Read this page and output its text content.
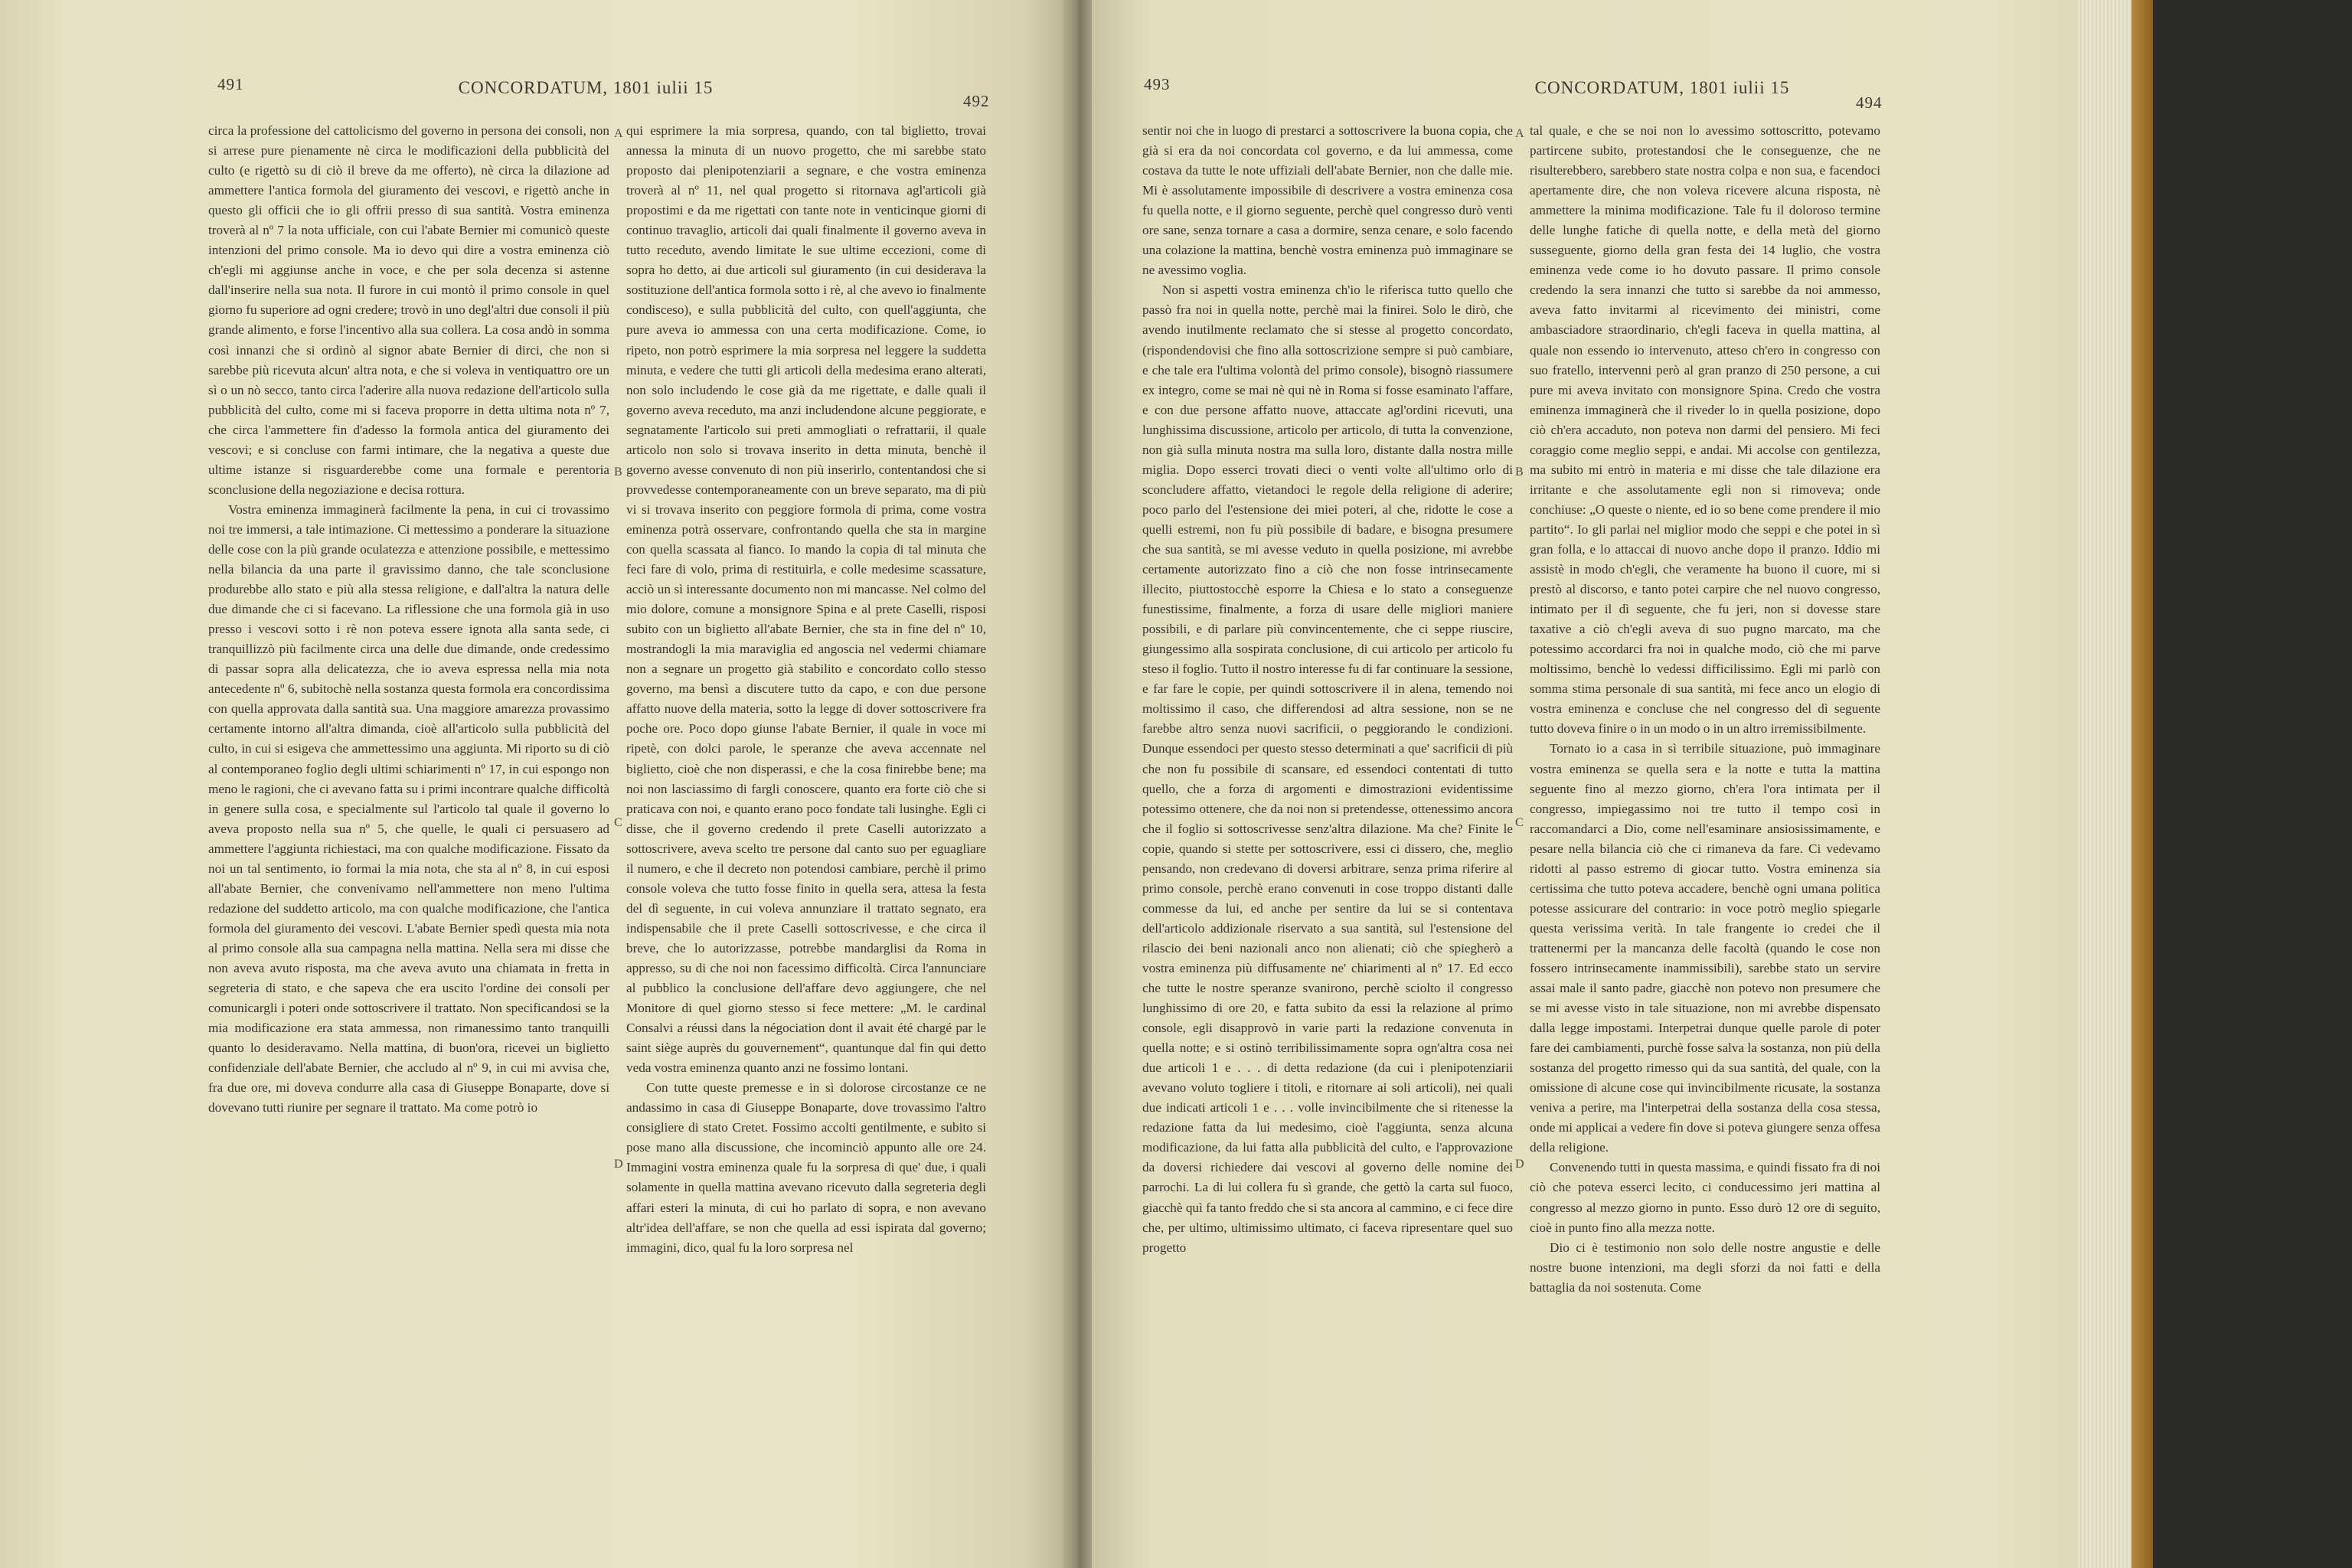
491	CONCORDATUM, 1801 iulii 15
492

circa la professione del cattolicismo del governo in persona dei consoli, non si arrese pure pienamente nè circa le modificazioni della pubblicità del culto (e rigettò su di ciò il breve da me offerto), nè circa la dilazione ad ammettere l'antica formola del giuramento dei vescovi, e rigettò anche in questo gli officii che io gli offrii presso di sua santità. Vostra eminenza troverà al nº 7 la nota ufficiale, con cui l'abate Bernier mi comunicò queste intenzioni del primo console. Ma io devo qui dire a vostra eminenza ciò ch'egli mi aggiunse anche in voce, e che per sola decenza si astenne dall'inserire nella sua nota. Il furore in cui montò il primo console in quel giorno fu superiore ad ogni credere; trovò in uno degl'altri due consoli il più grande alimento, e forse l'incentivo alla sua collera. La cosa andò in somma così innanzi che si ordinò al signor abate Bernier di dirci, che non si sarebbe più ricevuta alcun' altra nota, e che si voleva in ventiquattro ore un sì o un nò secco, tanto circa l'aderire alla nuova redazione dell'articolo sulla pubblicità del culto, come mi si faceva proporre in detta ultima nota nº 7, che circa l'ammettere fin d'adesso la formola antica del giuramento dei vescovi; e si concluse con farmi intimare, che la negativa a queste due ultime istanze si risguarderebbe come una formale e perentoria sconclusione della negoziazione e decisa rottura.

Vostra eminenza immaginerà facilmente la pena, in cui ci trovassimo noi tre immersi, a tale intimazione. Ci mettessimo a ponderare la situazione delle cose con la più grande oculatezza e attenzione possibile, e mettessimo nella bilancia da una parte il gravissimo danno, che tale sconclusione produrebbe allo stato e più alla stessa religione, e dall'altra la natura delle due dimande che ci si facevano. La riflessione che una formola già in uso presso i vescovi sotto i rè non poteva essere ignota alla santa sede, ci tranquillizzò più facilmente circa una delle due dimande, onde credessimo di passar sopra alla delicatezza, che io aveva espressa nella mia nota antecedente nº 6, subitochè nella sostanza questa formola era concordissima con quella approvata dalla santità sua. Una maggiore amarezza provassimo certamente intorno all'altra dimanda, cioè all'articolo sulla pubblicità del culto, in cui si esigeva che ammettessimo una aggiunta. Mi riporto su di ciò al contemporaneo foglio degli ultimi schiarimenti nº 17, in cui espongo non meno le ragioni, che ci avevano fatta su i primi incontrare qualche difficoltà in genere sulla cosa, e specialmente sul l'articolo tal quale il governo lo aveva proposto nella sua nº 5, che quelle, le quali ci persuasero ad ammettere l'aggiunta richiestaci, ma con qualche modificazione. Fissato da noi un tal sentimento, io formai la mia nota, che sta al nº 8, in cui esposi all'abate Bernier, che convenivamo nell'ammettere non meno l'ultima redazione del suddetto articolo, ma con qualche modificazione, che l'antica formola del giuramento dei vescovi. L'abate Bernier spedì questa mia nota al primo console alla sua campagna nella mattina. Nella sera mi disse che non aveva avuto risposta, ma che aveva avuto una chiamata in fretta in segreteria di stato, e che sapeva che era uscito l'ordine dei consoli per comunicargli i poteri onde sottoscrivere il trattato. Non specificandosi se la mia modificazione era stata ammessa, non rimanessimo tanto tranquilli quanto lo desideravamo. Nella mattina, di buon'ora, ricevei un biglietto confidenziale dell'abate Bernier, che accludo al nº 9, in cui mi avvisa che, fra due ore, mi doveva condurre alla casa di Giuseppe Bonaparte, dove si dovevano tutti riunire per segnare il trattato. Ma come potrò io

qui esprimere la mia sorpresa, quando, con tal biglietto, trovai annessa la minuta di un nuovo progetto, che mi sarebbe stato proposto dai plenipotenziarii a segnare, e che vostra eminenza troverà al nº 11, nel qual progetto si ritornava agl'articoli già propostimi e da me rigettati con tante note in venticinque giorni di continuo travaglio, articoli dai quali finalmente il governo aveva in tutto receduto, avendo limitate le sue ultime eccezioni, come di sopra ho detto, ai due articoli sul giuramento (in cui desiderava la sostituzione dell'antica formola sotto i rè, al che avevo io finalmente condisceso), e sulla pubblicità del culto, con quell'aggiunta, che pure aveva io ammessa con una certa modificazione. Come, io ripeto, non potrò esprimere la mia sorpresa nel leggere la suddetta minuta, e vedere che tutti gli articoli della medesima erano alterati, non solo includendo le cose già da me rigettate, e dalle quali il governo aveva receduto, ma anzi includendone alcune peggiorate, e segnatamente l'articolo sui preti ammogliati o refrattarii, il quale articolo non solo si trovava inserito in detta minuta, benchè il governo avesse convenuto di non più inserirlo, contentandosi che si provvedesse contemporaneamente con un breve separato, ma di più vi si trovava inserito con peggiore formola di prima, come vostra eminenza potrà osservare, confrontando quella che sta in margine con quella scassata al fianco. Io mando la copia di tal minuta che feci fare di volo, prima di restituirla, e colle medesime scassature, acciò un sì interessante documento non mi mancasse. Nel colmo del mio dolore, comune a monsignore Spina e al prete Caselli, risposi subito con un biglietto all'abate Bernier, che sta in fine del nº 10, mostrandogli la mia maraviglia ed angoscia nel vedermi chiamare non a segnare un progetto già stabilito e concordato collo stesso governo, ma bensì a discutere tutto da capo, e con due persone affatto nuove della materia, sotto la legge di dover sottoscrivere fra poche ore. Poco dopo giunse l'abate Bernier, il quale in voce mi ripetè, con dolci parole, le speranze che aveva accennate nel biglietto, cioè che non disperassi, e che la cosa finirebbe bene; ma noi non lasciassimo di fargli conoscere, quanto era forte ciò che si praticava con noi, e quanto erano poco fondate tali lusinghe. Egli ci disse, che il governo credendo il prete Caselli autorizzato a sottoscrivere, aveva scelto tre persone dal canto suo per eguagliare il numero, e che il decreto non potendosi cambiare, perchè il primo console voleva che tutto fosse finito in quella sera, attesa la festa del dì seguente, in cui voleva annunziare il trattato segnato, era indispensabile che il prete Caselli sottoscrivesse, e che circa il breve, che lo autorizzasse, potrebbe mandarglisi da Roma in appresso, su di che noi non facessimo difficoltà. Circa l'annunciare al pubblico la conclusione dell'affare devo aggiungere, che nel Monitore di quel giorno stesso si fece mettere: „M. le cardinal Consalvi a réussi dans la négociation dont il avait été chargé par le saint siège auprès du gouvernement“, quantunque dal fin qui detto veda vostra eminenza quanto anzi ne fossimo lontani.

Con tutte queste premesse e in sì dolorose circostanze ce ne andassimo in casa di Giuseppe Bonaparte, dove trovassimo l'altro consigliere di stato Cretet. Fossimo accolti gentilmente, e subito si pose mano alla discussione, che incominciò appunto alle ore 24. Immagini vostra eminenza quale fu la sorpresa di que' due, i quali solamente in quella mattina avevano ricevuto dalla segreteria degli affari esteri la minuta, di cui ho parlato di sopra, e non avevano altr'idea dell'affare, se non che quella ad essi ispirata dal governo; immagini, dico, qual fu la loro sorpresa nel

A
B
C
D
493	CONCORDATUM, 1801 iulii 15
494

sentir noi che in luogo di prestarci a sottoscrivere la buona copia, che già si era da noi concordata col governo, e da lui ammessa, come costava da tutte le note uffiziali dell'abate Bernier, non che dalle mie. Mi è assolutamente impossibile di descrivere a vostra eminenza cosa fu quella notte, e il giorno seguente, perchè quel congresso durò venti ore sane, senza tornare a casa a dormire, senza cenare, e solo facendo una colazione la mattina, benchè vostra eminenza può immaginare se ne avessimo voglia.

Non si aspetti vostra eminenza ch'io le riferisca tutto quello che passò fra noi in quella notte, perchè mai la finirei. Solo le dirò, che avendo inutilmente reclamato che si stesse al progetto concordato, (rispondendovisi che fino alla sottoscrizione sempre si può cambiare, e che tale era l'ultima volontà del primo console), bisognò riassumere ex integro, come se mai nè qui nè in Roma si fosse esaminato l'affare, e con due persone affatto nuove, attaccate agl'ordini ricevuti, una lunghissima discussione, articolo per articolo, di tutta la convenzione, non già sulla minuta nostra ma sulla loro, distante dalla nostra mille miglia. Dopo esserci trovati dieci o venti volte all'ultimo orlo di sconcludere affatto, vietandoci le regole della religione di aderire; poco parlo del l'estensione dei miei poteri, al che, ridotte le cose a quelli estremi, non fu più possibile di badare, e bisogna presumere che sua santità, se mi avesse veduto in quella posizione, mi avrebbe certamente autorizzato fino a ciò che non fosse intrinsecamente illecito, piuttostocchè esporre la Chiesa e lo stato a conseguenze funestissime, finalmente, a forza di usare delle migliori maniere possibili, e di parlare più convincentemente, che ci seppe riuscire, giungessimo alla sospirata conclusione, di cui articolo per articolo fu steso il foglio. Tutto il nostro interesse fu di far continuare la sessione, e far fare le copie, per quindi sottoscrivere il in alena, temendo noi moltissimo il caso, che differendosi ad altra sessione, non se ne farebbe altro senza nuovi sacrificii, o peggiorando le condizioni. Dunque essendoci per questo stesso determinati a que' sacrificii di più che non fu possibile di scansare, ed essendoci contentati di tutto quello, che a forza di argomenti e dimostrazioni evidentissime potessimo ottenere, che da noi non si pretendesse, ottenessimo ancora che il foglio si sottoscrivesse senz'altra dilazione. Ma che? Finite le copie, quando si stette per sottoscrivere, essi ci dissero, che, meglio pensando, non credevano di doversi arbitrare, senza prima riferire al primo console, perchè erano convenuti in cose troppo distanti dalle commesse da lui, ed anche per sentire da lui se si contentava dell'articolo addizionale riservato a sua santità, sul l'estensione del rilascio dei beni nazionali anco non alienati; ciò che spiegherò a vostra eminenza più diffusamente ne' chiarimenti al nº 17. Ed ecco che tutte le nostre speranze svanirono, perchè sciolto il congresso lunghissimo di ore 20, e fatta subito da essi la relazione al primo console, egli disapprovò in varie parti la redazione convenuta in quella notte; e si ostinò terribilissimamente sopra ogn'altra cosa nei due articoli 1 e . . . di detta redazione (da cui i plenipotenziarii avevano voluto togliere i titoli, e ritornare ai soli articoli), nei quali due indicati articoli 1 e . . . volle invincibilmente che si ritenesse la redazione fatta da lui medesimo, cioè l'aggiunta, senza alcuna modificazione, da lui fatta alla pubblicità del culto, e l'approvazione da doversi richiedere dai vescovi al governo delle nomine dei parrochi. La di lui collera fu sì grande, che gettò la carta sul fuoco, giacchè quì fa tanto freddo che si sta ancora al cammino, e ci fece dire che, per ultimo, ultimissimo ultimato, ci faceva ripresentare quel suo progetto

tal quale, e che se noi non lo avessimo sottoscritto, potevamo partircene subito, protestandosi che le conseguenze, che ne risulterebbero, sarebbero state nostra colpa e non sua, e facendoci apertamente dire, che non voleva ricevere alcuna risposta, nè ammettere la minima modificazione. Tale fu il doloroso termine delle lunghe fatiche di quella notte, e della metà del giorno susseguente, giorno della gran festa dei 14 luglio, che vostra eminenza vede come io ho dovuto passare. Il primo console credendo la sera innanzi che tutto si sarebbe da noi ammesso, aveva fatto invitarmi al ricevimento dei ministri, come ambasciadore straordinario, ch'egli faceva in quella mattina, al quale non essendo io intervenuto, atteso ch'ero in congresso con suo fratello, intervenni però al gran pranzo di 250 persone, a cui pure mi aveva invitato con monsignore Spina. Credo che vostra eminenza immaginerà che il riveder lo in quella posizione, dopo ciò ch'era accaduto, non poteva non darmi del pensiero. Mi feci coraggio come meglio seppi, e andai. Mi accolse con gentilezza, ma subito mi entrò in materia e mi disse che tale dilazione era irritante e che assolutamente egli non si rimoveva; onde conchiuse: „O queste o niente, ed io so bene come prendere il mio partito“. Io gli parlai nel miglior modo che seppi e che potei in sì gran folla, e lo attaccai di nuovo anche dopo il pranzo. Iddio mi assistè in modo ch'egli, che veramente ha buono il cuore, mi si prestò al discorso, e tanto potei carpire che nel nuovo congresso, intimato per il dì seguente, che fu jeri, non si dovesse stare taxative a ciò ch'egli aveva di suo pugno marcato, ma che potessimo accordarci fra noi in qualche modo, ciò che mi parve moltissimo, benchè lo vedessi difficilissimo. Egli mi parlò con somma stima personale di sua santità, mi fece anco un elogio di vostra eminenza e concluse che nel congresso del dì seguente tutto doveva finire o in un modo o in un altro irremissibilmente.

Tornato io a casa in sì terribile situazione, può immaginare vostra eminenza se quella sera e la notte e tutta la mattina seguente fino al mezzo giorno, ch'era l'ora intimata per il congresso, impiegassimo noi tre tutto il tempo così in raccomandarci a Dio, come nell'esaminare ansiosissimamente, e pesare nella bilancia ciò che ci rimaneva da fare. Ci vedevamo ridotti al passo estremo di giocar tutto. Vostra eminenza sia certissima che tutto poteva accadere, benchè ogni umana politica potesse assicurare del contrario: in voce potrò meglio spiegarle questa verissima verità. In tale frangente io credei che il trattenermi per la mancanza delle facoltà (quando le cose non fossero intrinsecamente inammissibili), sarebbe stato un servire assai male il santo padre, giacchè non potevo non presumere che se mi avesse visto in tale situazione, non mi avrebbe dispensato dalla legge impostami. Interpetrai dunque quelle parole di poter fare dei cambiamenti, purchè fosse salva la sostanza, non più della sostanza del progetto rimesso qui da sua santità, del quale, con la omissione di alcune cose qui invincibilmente ricusate, la sostanza veniva a perire, ma l'interpetrai della sostanza della cosa stessa, onde mi applicai a vedere fin dove si poteva giungere senza offesa della religione.

Convenendo tutti in questa massima, e quindi fissato fra di noi ciò che poteva esserci lecito, ci conducessimo jeri mattina al congresso al mezzo giorno in punto. Esso durò 12 ore di seguito, cioè in punto fino alla mezza notte.

Dio ci è testimonio non solo delle nostre angustie e delle nostre buone intenzioni, ma degli sforzi da noi fatti e della battaglia da noi sostenuta. Come

A
B
C
D
